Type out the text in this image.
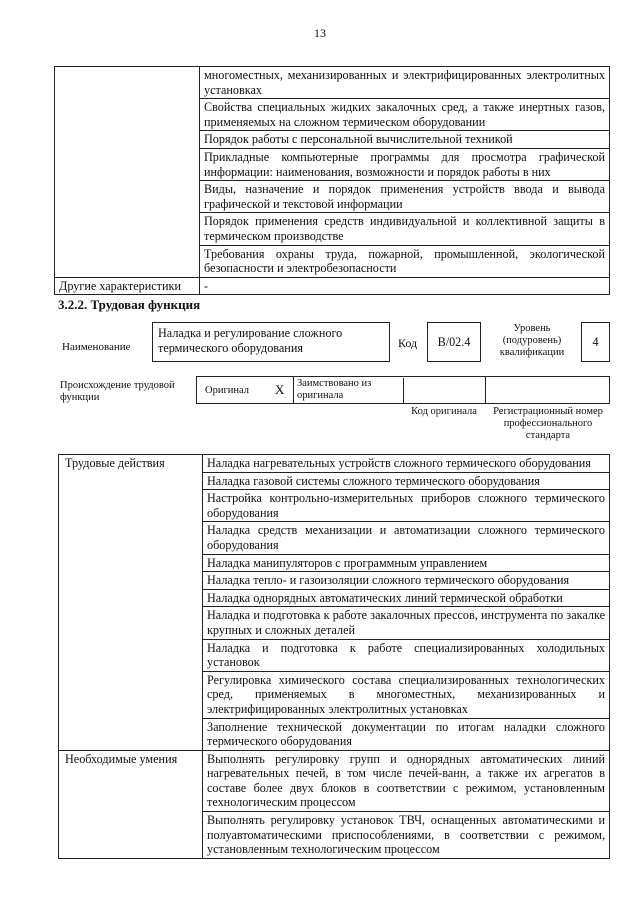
13
	многоместных, механизированных и электрифицированных электролитных установках
	Свойства специальных жидких закалочных сред, а также инертных газов, применяемых на сложном термическом оборудовании
	Порядок работы с персональной вычислительной техникой
	Прикладные компьютерные программы для просмотра графической информации: наименования, возможности и порядок работы в них
	Виды, назначение и порядок применения устройств ввода и вывода графической и текстовой информации
	Порядок применения средств индивидуальной и коллективной защиты в термическом производстве
	Требования охраны труда, пожарной, промышленной, экологической безопасности и электробезопасности
Другие характеристики	-
3.2.2. Трудовая функция
Наименование
Наладка и регулирование сложного термического оборудования	Код	В/02.4
Уровень (подуровень) квалификации
4
Происхождение трудовой функции
Оригинал X Заимствовано из оригинала
Код оригинала	Регистрационный номер профессионального стандарта
Трудовые действия	Наладка нагревательных устройств сложного термического оборудования
	Наладка газовой системы сложного термического оборудования
	Настройка контрольно-измерительных приборов сложного термического оборудования
	Наладка средств механизации и автоматизации сложного термического оборудования
	Наладка манипуляторов с программным управлением
	Наладка тепло- и газоизоляции сложного термического оборудования
	Наладка однорядных автоматических линий термической обработки
	Наладка и подготовка к работе закалочных прессов, инструмента по закалке крупных и сложных деталей
	Наладка и подготовка к работе специализированных холодильных установок
	Регулировка химического состава специализированных технологических сред, применяемых в многоместных, механизированных и электрифицированных электролитных установках
	Заполнение технической документации по итогам наладки сложного термического оборудования
Необходимые умения	Выполнять регулировку групп и однорядных автоматических линий нагревательных печей, в том числе печей-ванн, а также их агрегатов в составе более двух блоков в соответствии с режимом, установленным технологическим процессом
	Выполнять регулировку установок ТВЧ, оснащенных автоматическими и полуавтоматическими приспособлениями, в соответствии с режимом, установленным технологическим процессом
